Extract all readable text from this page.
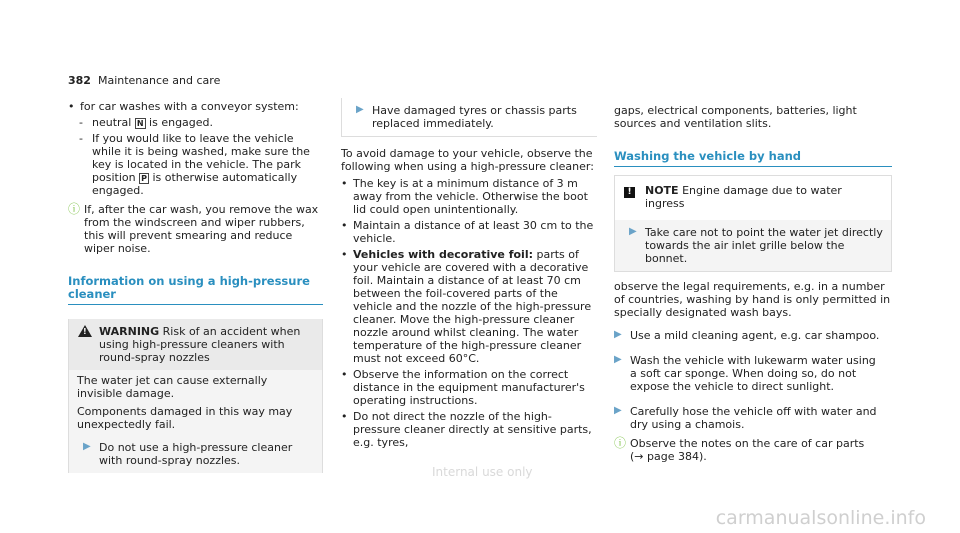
382 Maintenance and care

• for car washes with a conveyor system:

- neutral N is engaged.

- If you would like to leave the vehicle while it is being washed, make sure the key is located in the vehicle. The park position P is otherwise automatically engaged.

ⓘ If, after the car wash, you remove the wax from the windscreen and wiper rubbers, this will prevent smearing and reduce wiper noise.

Information on using a high-pressure cleaner
!
WARNING Risk of an accident when using high-pressure cleaners with round-spray nozzles

The water jet can cause externally invisible damage.

Components damaged in this way may unexpectedly fail.

▶ Do not use a high-pressure cleaner with round-spray nozzles.
▶ Have damaged tyres or chassis parts replaced immediately.

To avoid damage to your vehicle, observe the following when using a high-pressure cleaner:

• The key is at a minimum distance of 3 m away from the vehicle. Otherwise the boot lid could open unintentionally.

• Maintain a distance of at least 30 cm to the vehicle.

• Vehicles with decorative foil: parts of your vehicle are covered with a decorative foil. Maintain a distance of at least 70 cm between the foil-covered parts of the vehicle and the nozzle of the high-pressure cleaner. Move the high-pressure cleaner nozzle around whilst cleaning. The water temperature of the high-pressure cleaner must not exceed 60°C.

• Observe the information on the correct distance in the equipment manufacturer's operating instructions.

• Do not direct the nozzle of the high-pressure cleaner directly at sensitive parts, e.g. tyres,

gaps, electrical components, batteries, light sources and ventilation slits.

Washing the vehicle by hand
!	NOTE Engine damage due to water ingress
▶ Take care not to point the water jet directly towards the air inlet grille below the bonnet.

observe the legal requirements, e.g. in a number of countries, washing by hand is only permitted in specially designated wash bays.

▶ Use a mild cleaning agent, e.g. car shampoo.
▶ Wash the vehicle with lukewarm water using a soft car sponge. When doing so, do not expose the vehicle to direct sunlight.
▶ Carefully hose the vehicle off with water and dry using a chamois.

ⓘ Observe the notes on the care of car parts
(→ page 384).

Internal use only
carmanualsonline.info
